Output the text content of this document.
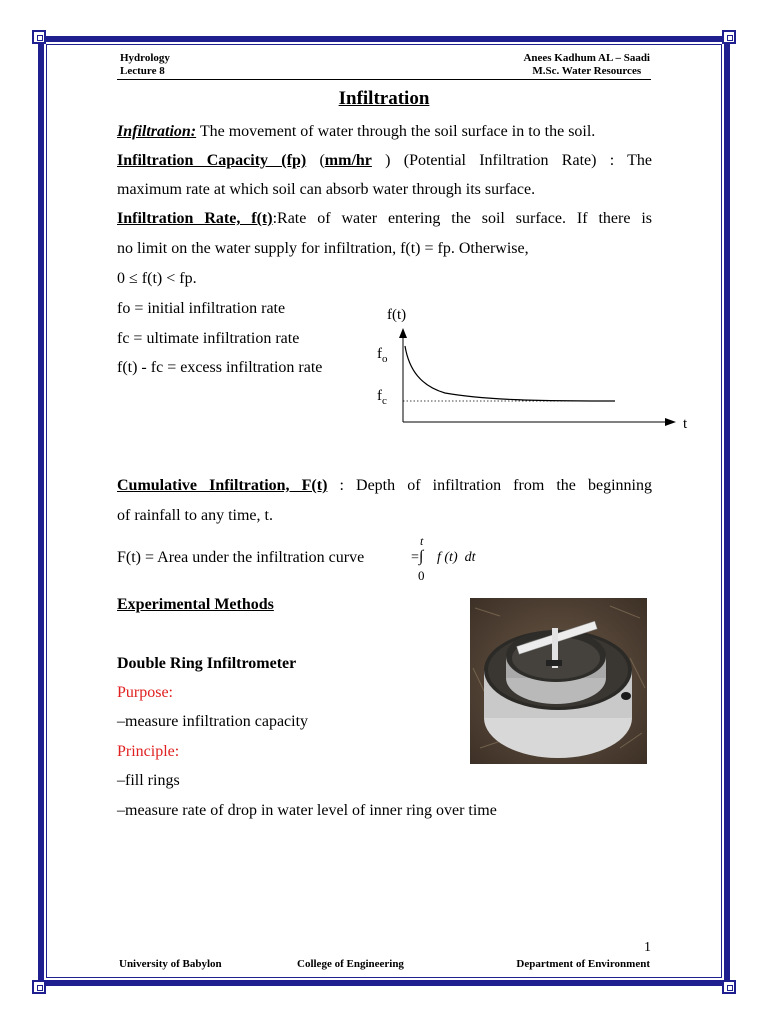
Hydrology
Lecture 8
Anees Kadhum AL – Saadi
M.Sc. Water Resources
Infiltration
Infiltration: The movement of water through the soil surface in to the soil.
Infiltration Capacity (fp) (mm/hr ) (Potential Infiltration Rate) : The
maximum rate at which soil can absorb water through its surface.
Infiltration Rate, f(t):Rate of water entering the soil surface. If there is
no limit on the water supply for infiltration, f(t) = fp. Otherwise,
0 ≤ f(t) < fp.
fo = initial infiltration rate
fc = ultimate infiltration rate
f(t) - fc = excess infiltration rate
f(t)
t
$f_o$
$f_c$
Cumulative Infiltration, F(t) : Depth of infiltration from the beginning
of rainfall to any time, t.
F(t) = Area under the infiltration curve	=
t
∫ f (t)  dt
0
Experimental Methods
Double Ring Infiltrometer
Purpose:
–measure infiltration capacity
Principle:
–fill rings
–measure rate of drop in water level of inner ring over time
1
University of Babylon	College of Engineering	Department of Environment
